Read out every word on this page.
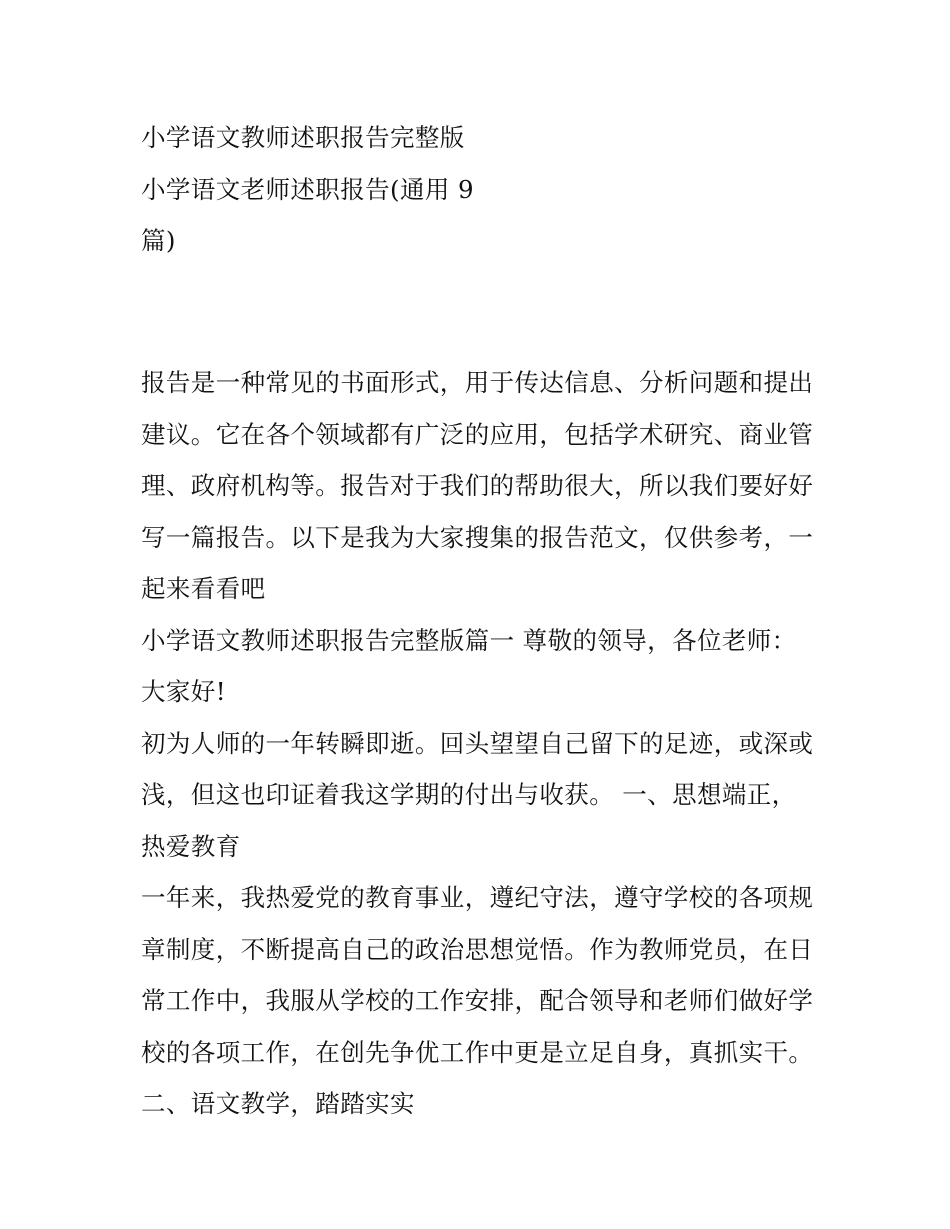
小学语文教师述职报告完整版
小学语文老师述职报告(通用 9
篇)
报告是一种常见的书面形式，用于传达信息、分析问题和提出
建议。它在各个领域都有广泛的应用，包括学术研究、商业管
理、政府机构等。报告对于我们的帮助很大，所以我们要好好
写一篇报告。以下是我为大家搜集的报告范文，仅供参考，一
起来看看吧
小学语文教师述职报告完整版篇一 尊敬的领导，各位老师：
大家好!
初为人师的一年转瞬即逝。回头望望自己留下的足迹，或深或
浅，但这也印证着我这学期的付出与收获。 一、思想端正，
热爱教育
一年来，我热爱党的教育事业，遵纪守法，遵守学校的各项规
章制度，不断提高自己的政治思想觉悟。作为教师党员，在日
常工作中，我服从学校的工作安排，配合领导和老师们做好学
校的各项工作，在创先争优工作中更是立足自身，真抓实干。
二、语文教学，踏踏实实
